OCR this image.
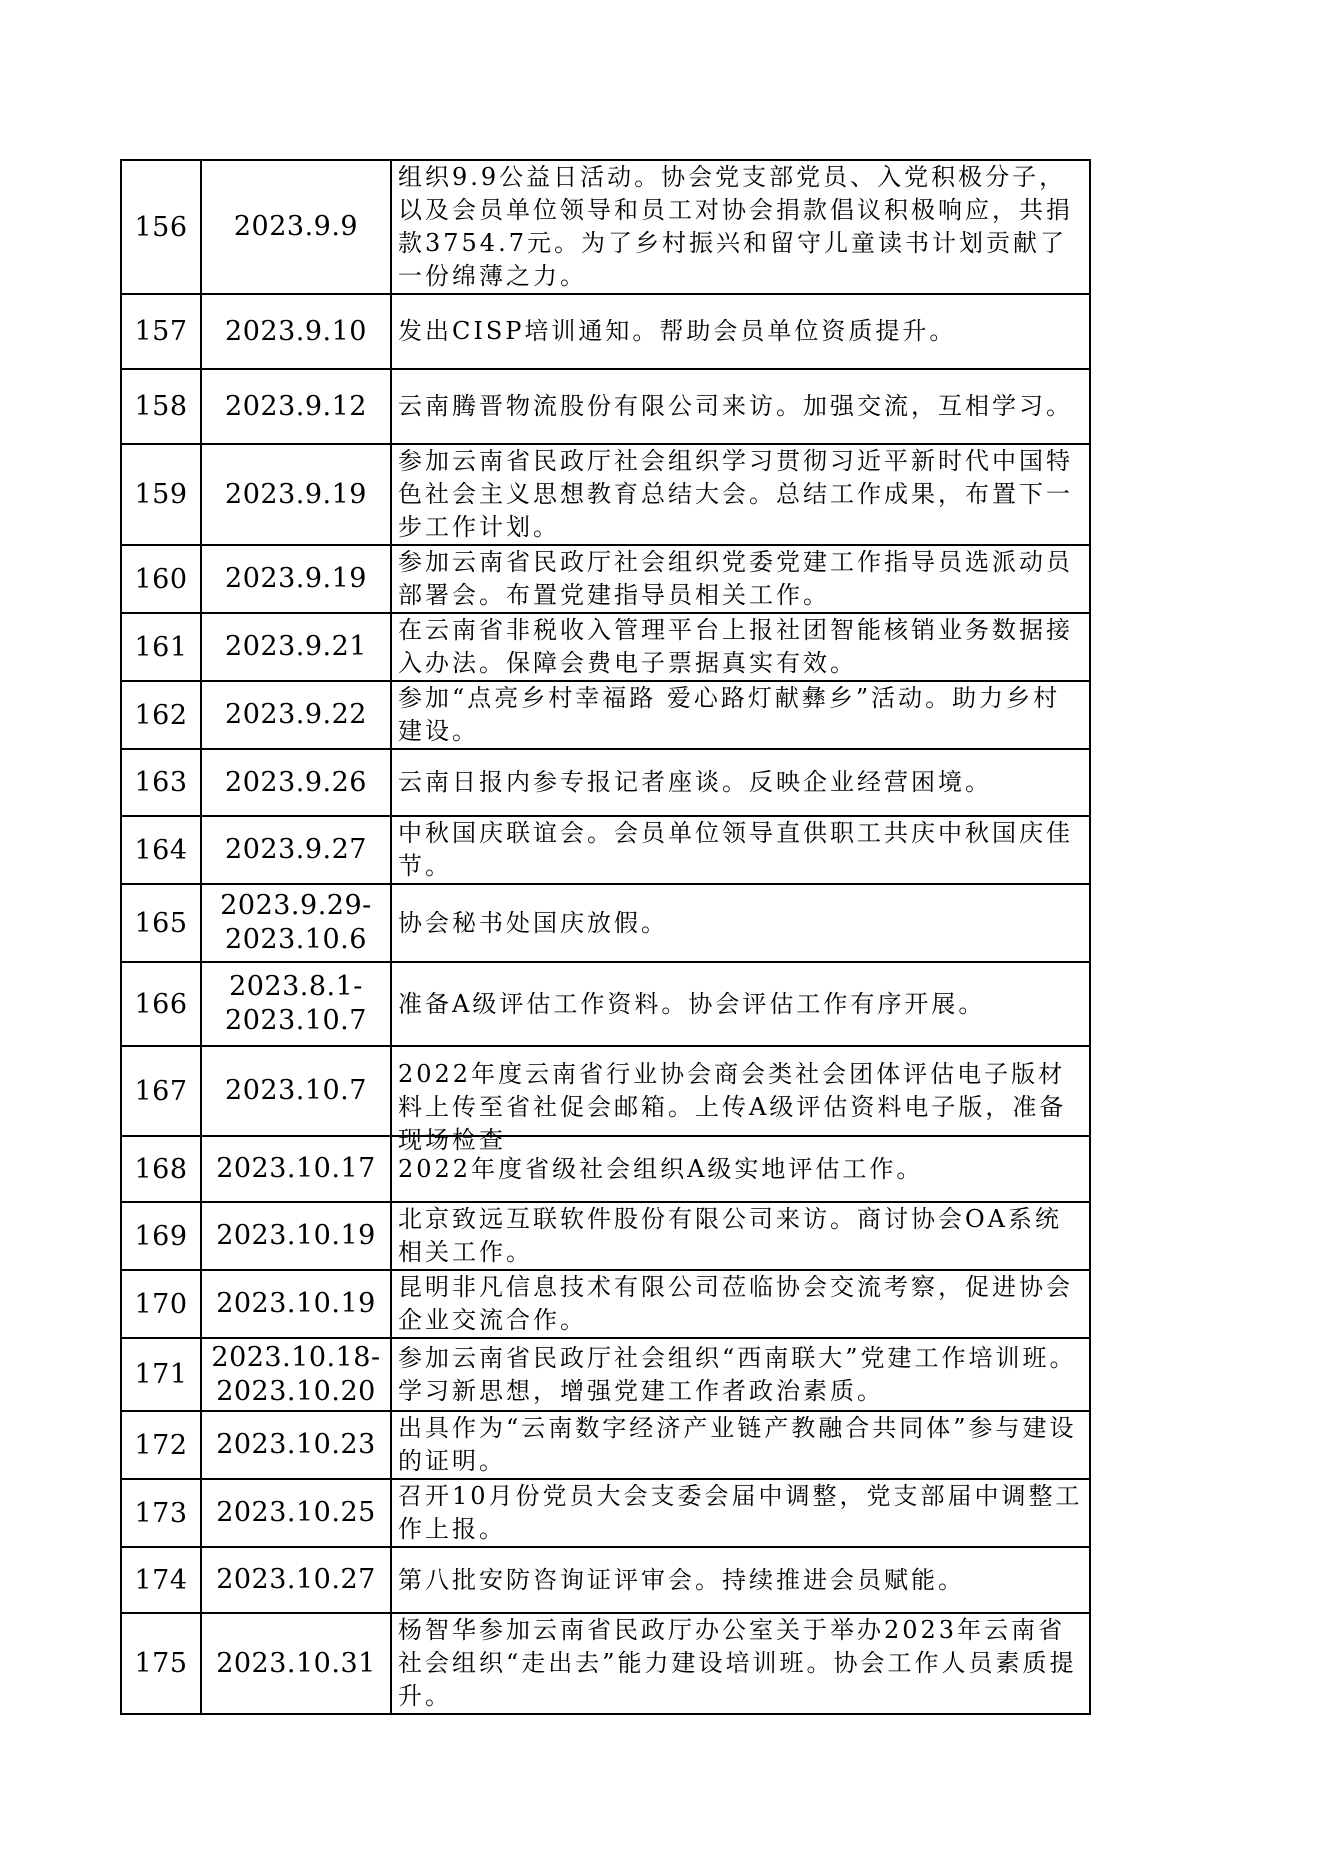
156	2023.9.9	组织9.9公益日活动。协会党支部党员、入党积极分子，以及会员单位领导和员工对协会捐款倡议积极响应，共捐款3754.7元。为了乡村振兴和留守儿童读书计划贡献了一份绵薄之力。

157	2023.9.10	发出CISP培训通知。帮助会员单位资质提升。

158	2023.9.12	云南腾晋物流股份有限公司来访。加强交流，互相学习。

159	2023.9.19	参加云南省民政厅社会组织学习贯彻习近平新时代中国特色社会主义思想教育总结大会。总结工作成果，布置下一步工作计划。

160	2023.9.19	参加云南省民政厅社会组织党委党建工作指导员选派动员部署会。布置党建指导员相关工作。

161	2023.9.21	在云南省非税收入管理平台上报社团智能核销业务数据接入办法。保障会费电子票据真实有效。

162	2023.9.22	参加“点亮乡村幸福路 爱心路灯献彝乡”活动。助力乡村建设。

163	2023.9.26	云南日报内参专报记者座谈。反映企业经营困境。

164	2023.9.27	中秋国庆联谊会。会员单位领导直供职工共庆中秋国庆佳节。

165	2023.9.29-2023.10.6	协会秘书处国庆放假。

166	2023.8.1-2023.10.7	准备A级评估工作资料。协会评估工作有序开展。

167	2023.10.7	2022年度云南省行业协会商会类社会团体评估电子版材料上传至省社促会邮箱。上传A级评估资料电子版，准备现场检查

168	2023.10.17	2022年度省级社会组织A级实地评估工作。

169	2023.10.19	北京致远互联软件股份有限公司来访。商讨协会OA系统相关工作。

170	2023.10.19	昆明非凡信息技术有限公司莅临协会交流考察，促进协会企业交流合作。

171	2023.10.18-2023.10.20	参加云南省民政厅社会组织“西南联大”党建工作培训班。学习新思想，增强党建工作者政治素质。

172	2023.10.23	出具作为“云南数字经济产业链产教融合共同体”参与建设的证明。

173	2023.10.25	召开10月份党员大会支委会届中调整，党支部届中调整工作上报。

174	2023.10.27	第八批安防咨询证评审会。持续推进会员赋能。

175	2023.10.31	杨智华参加云南省民政厅办公室关于举办2023年云南省社会组织“走出去”能力建设培训班。协会工作人员素质提升。
